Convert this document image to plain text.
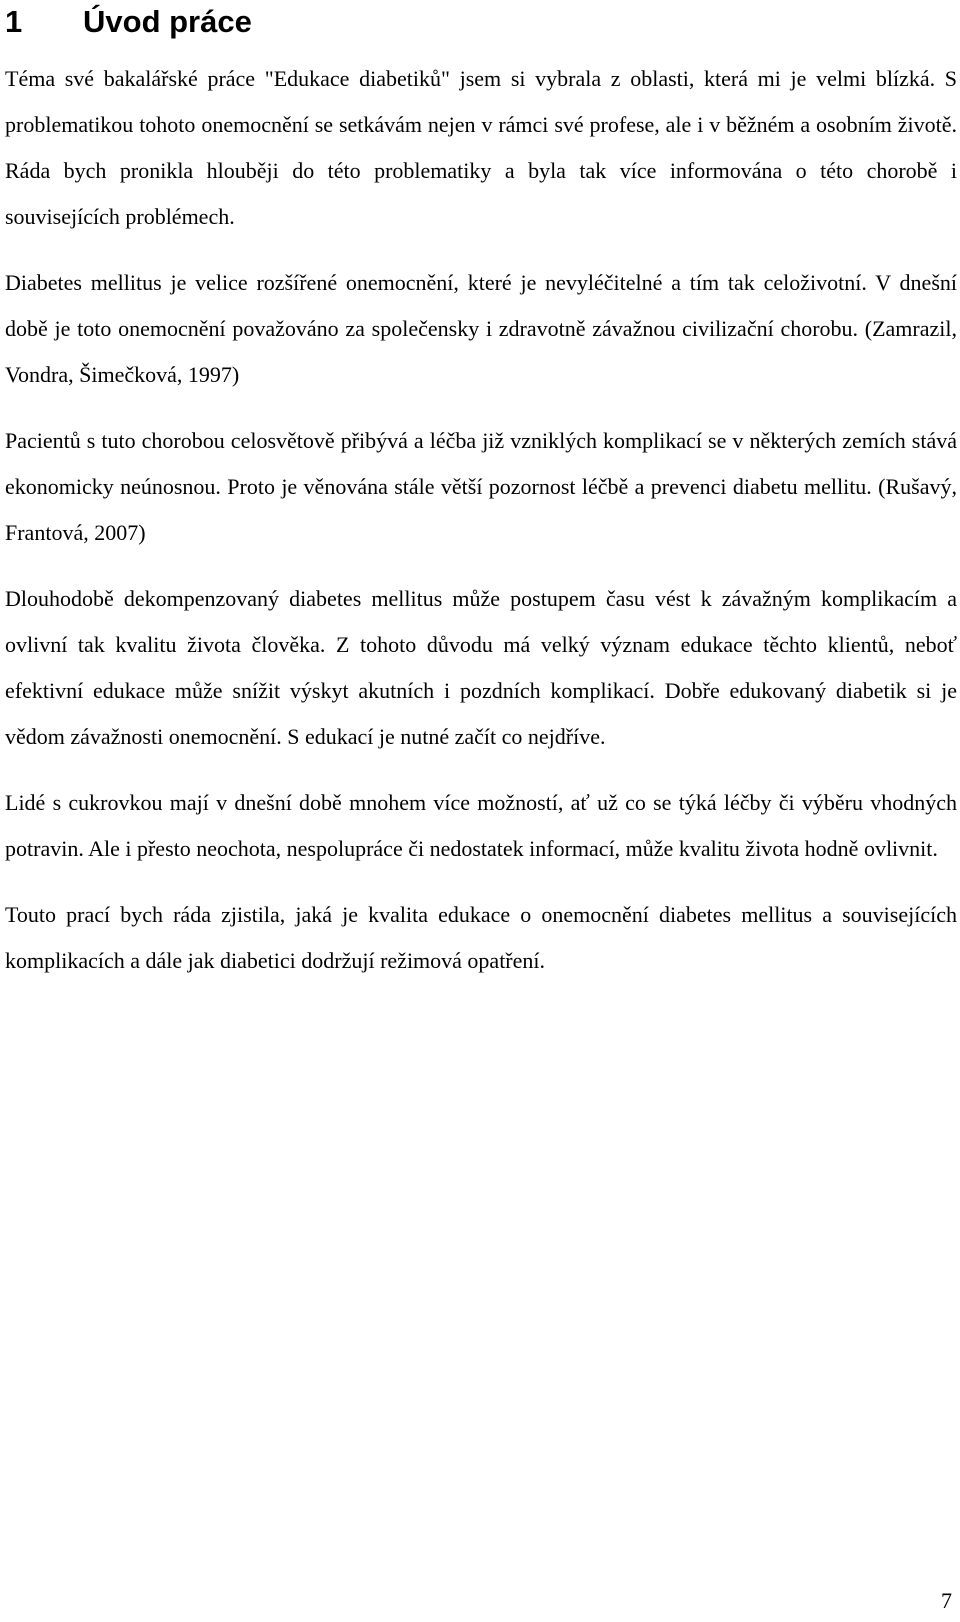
1	Úvod práce

Téma své bakalářské práce "Edukace diabetiků" jsem si vybrala z oblasti, která mi je velmi blízká. S problematikou tohoto onemocnění se setkávám nejen v rámci své profese, ale i v běžném a osobním životě. Ráda bych pronikla hlouběji do této problematiky a byla tak více informována o této chorobě i souvisejících problémech.

Diabetes mellitus je velice rozšířené onemocnění, které je nevyléčitelné a tím tak celoživotní. V dnešní době je toto onemocnění považováno za společensky i zdravotně závažnou civilizační chorobu. (Zamrazil, Vondra, Šimečková, 1997)

Pacientů s tuto chorobou celosvětově přibývá a léčba již vzniklých komplikací se v některých zemích stává ekonomicky neúnosnou. Proto je věnována stále větší pozornost léčbě a prevenci diabetu mellitu. (Rušavý, Frantová, 2007)

Dlouhodobě dekompenzovaný diabetes mellitus může postupem času vést k závažným komplikacím a ovlivní tak kvalitu života člověka. Z tohoto důvodu má velký význam edukace těchto klientů, neboť efektivní edukace může snížit výskyt akutních i pozdních komplikací. Dobře edukovaný diabetik si je vědom závažnosti onemocnění. S edukací je nutné začít co nejdříve.

Lidé s cukrovkou mají v dnešní době mnohem více možností, ať už co se týká léčby či výběru vhodných potravin. Ale i přesto neochota, nespolupráce či nedostatek informací, může kvalitu života hodně ovlivnit.

Touto prací bych ráda zjistila, jaká je kvalita edukace o onemocnění diabetes mellitus a souvisejících komplikacích a dále jak diabetici dodržují režimová opatření.

7
